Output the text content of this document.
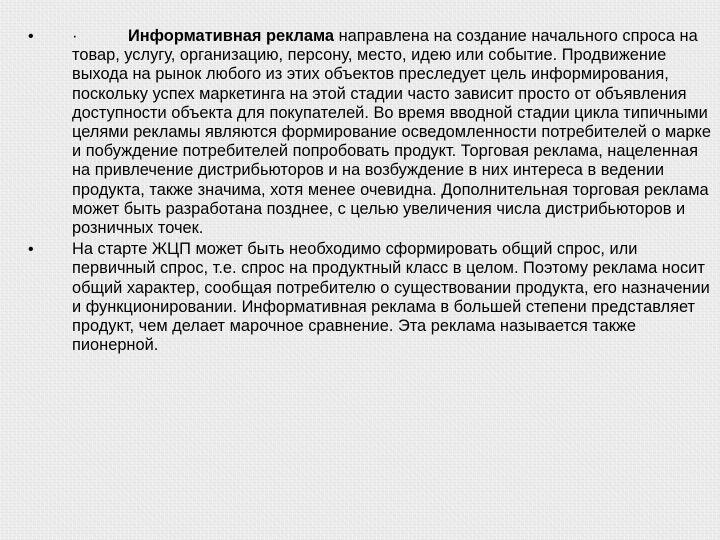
•	·	Информативная реклама направлена на создание начального спроса на товар, услугу, организацию, персону, место, идею или событие. Продвижение выхода на рынок любого из этих объектов преследует цель информирования, поскольку успех маркетинга на этой стадии часто зависит просто от объявления доступности объекта для покупателей. Во время вводной стадии цикла типичными целями рекламы являются формирование осведомленности потребителей о марке и побуждение потребителей попробовать продукт. Торговая реклама, нацеленная на привлечение дистрибьюторов и на возбуждение в них интереса в ведении продукта, также значима, хотя менее очевидна. Дополнительная торговая реклама может быть разработана позднее, с целью увеличения числа дистрибьюторов и розничных точек.
•	На старте ЖЦП может быть необходимо сформировать общий спрос, или первичный спрос, т.е. спрос на продуктный класс в целом. Поэтому реклама носит общий характер, сообщая потребителю о существовании продукта, его назначении и функционировании. Информативная реклама в большей степени представляет продукт, чем делает марочное сравнение. Эта реклама называется также пионерной.
